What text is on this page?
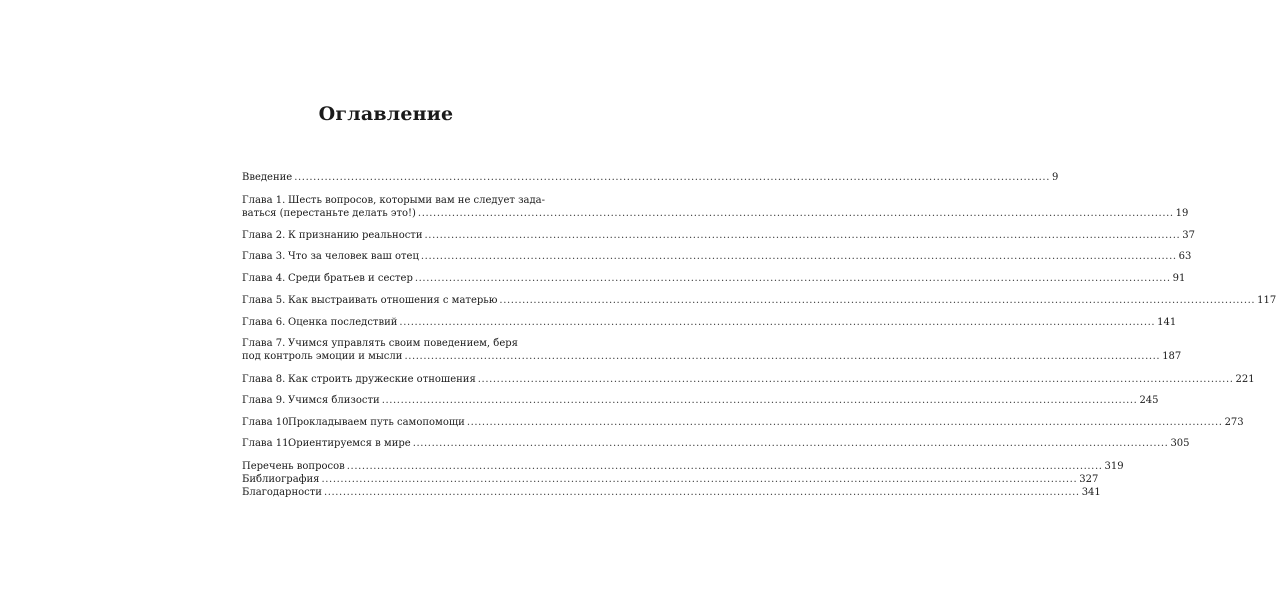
Оглавление
Введение ........................................................................................................................................................................................................ 9
Глава 1. Шесть вопросов, которыми вам не следует зада-
ваться (перестаньте делать это!) ........................................................................................................................................................................................................ 19
Глава 2. К признанию реальности ........................................................................................................................................................................................................ 37
Глава 3. Что за человек ваш отец ........................................................................................................................................................................................................ 63
Глава 4. Среди братьев и сестер ........................................................................................................................................................................................................ 91
Глава 5. Как выстраивать отношения с матерью ........................................................................................................................................................................................................ 117
Глава 6. Оценка последствий ........................................................................................................................................................................................................ 141
Глава 7. Учимся управлять своим поведением, беря
под контроль эмоции и мысли ........................................................................................................................................................................................................ 187
Глава 8. Как строить дружеские отношения ........................................................................................................................................................................................................ 221
Глава 9. Учимся близости ........................................................................................................................................................................................................ 245
Глава 10.
Прокладываем путь самопомощи ........................................................................................................................................................................................................ 273
Глава 11.
Ориентируемся в мире ........................................................................................................................................................................................................ 305
Перечень вопросов ........................................................................................................................................................................................................ 319
Библиография ........................................................................................................................................................................................................ 327
Благодарности ........................................................................................................................................................................................................ 341
